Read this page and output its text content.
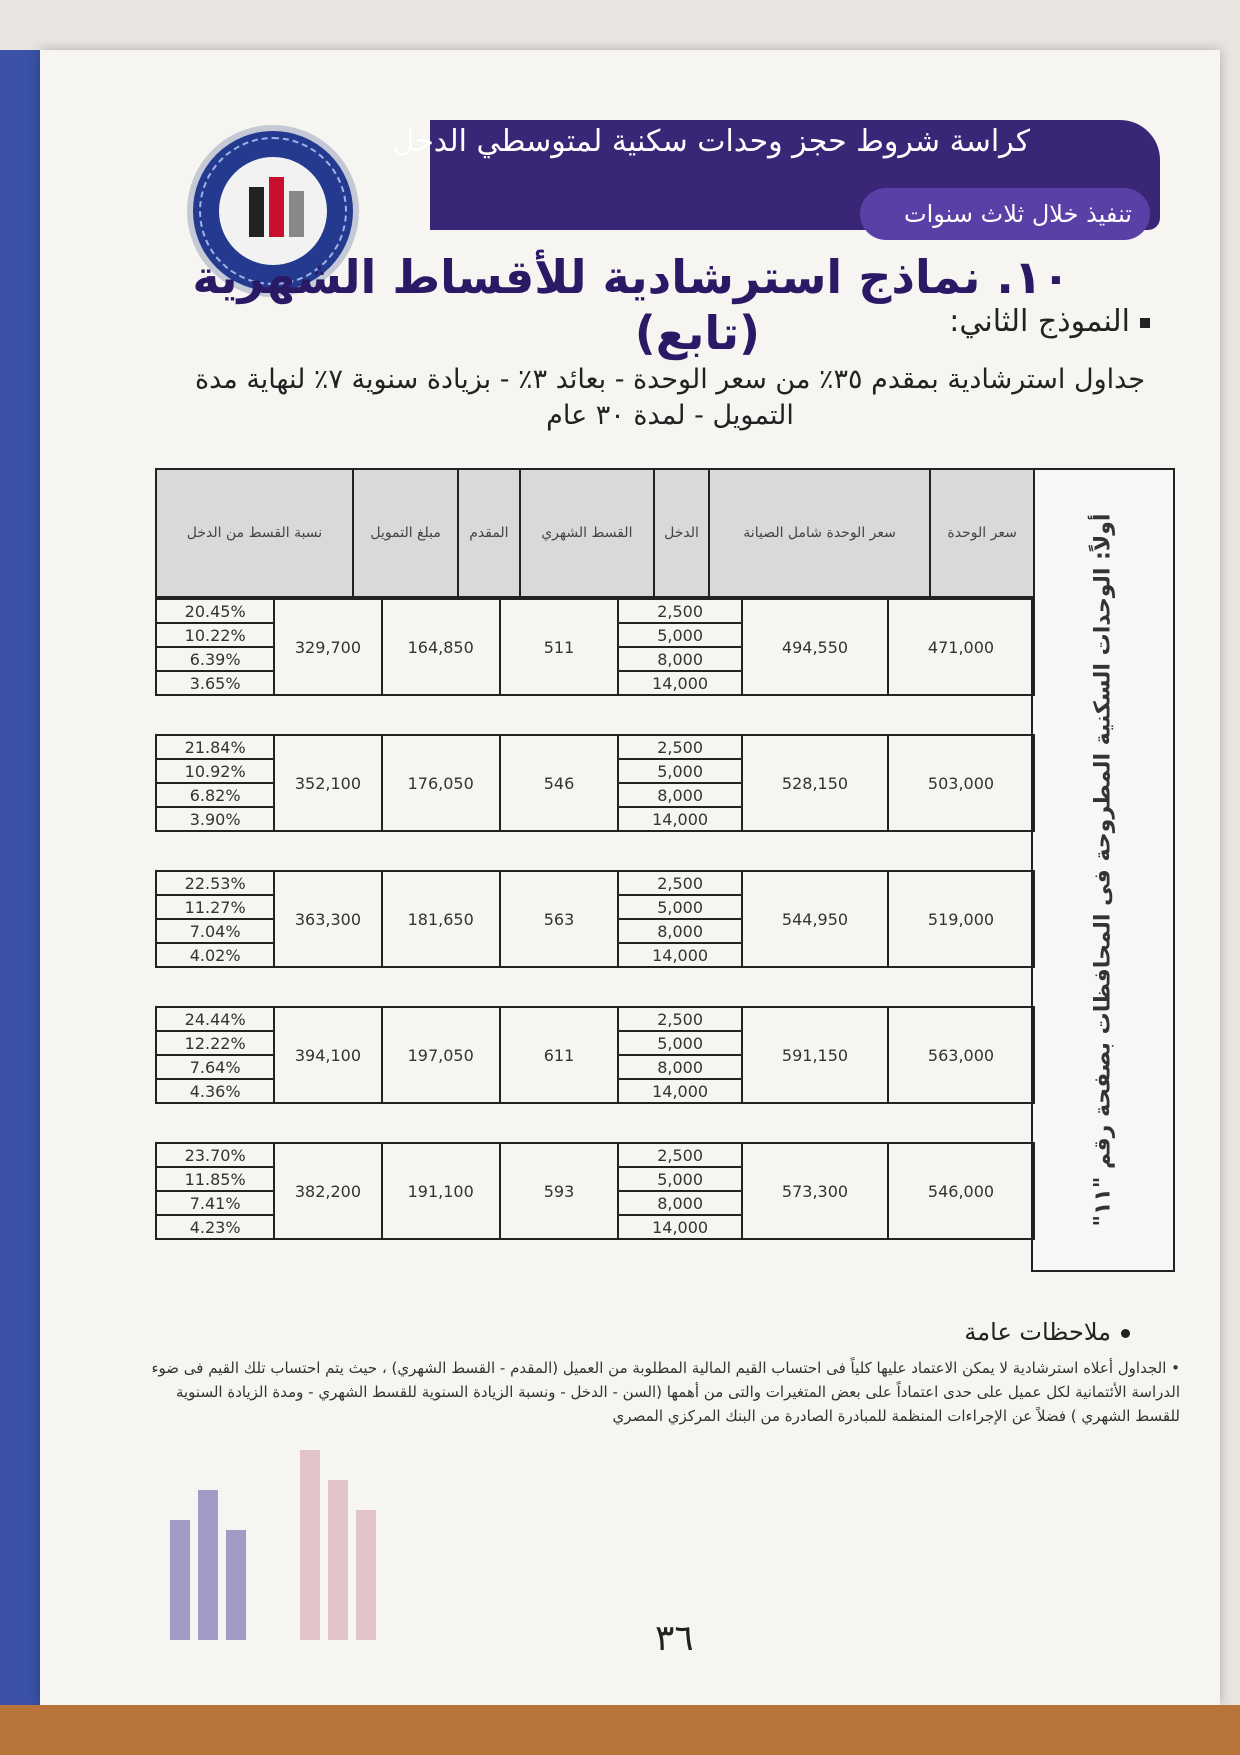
كراسة شروط حجز وحدات سكنية لمتوسطي الدخل
تنفيذ خلال ثلاث سنوات
١٠. نماذج استرشادية للأقساط الشهرية
(تابع)	النموذج الثاني:
جداول استرشادية بمقدم ٣٥٪ من سعر الوحدة - بعائد ٣٪ - بزيادة سنوية ٧٪ لنهاية مدة التمويل - لمدة ٣٠ عام
أولاً: الوحدات السكنية المطروحة فى المحافظات بصفحة رقم "١١"
نسبة القسط من الدخل	مبلغ التمويل	المقدم	القسط الشهري	الدخل	سعر الوحدة شامل الصيانة	سعر الوحدة
20.45%	329,700	164,850	511	2,500	494,550	471,000
10.22%				5,000		
6.39%				8,000		
3.65%				14,000		
21.84%	352,100	176,050	546	2,500	528,150	503,000
10.92%				5,000		
6.82%				8,000		
3.90%				14,000		
22.53%	363,300	181,650	563	2,500	544,950	519,000
11.27%				5,000		
7.04%				8,000		
4.02%				14,000		
24.44%	394,100	197,050	611	2,500	591,150	563,000
12.22%				5,000		
7.64%				8,000		
4.36%				14,000		
23.70%	382,200	191,100	593	2,500	573,300	546,000
11.85%				5,000		
7.41%				8,000		
4.23%				14,000		
ملاحظات عامة
• الجداول أعلاه استرشادية لا يمكن الاعتماد عليها كلياً فى احتساب القيم المالية المطلوبة من العميل (المقدم - القسط الشهري) ، حيث يتم احتساب تلك القيم فى ضوء الدراسة الأئتمانية لكل عميل على حدى اعتماداً على بعض المتغيرات والتى من أهمها (السن - الدخل - ونسبة الزيادة السنوية للقسط الشهري - ومدة الزيادة السنوية للقسط الشهري ) فضلاً عن الإجراءات المنظمة للمبادرة الصادرة من البنك المركزي المصري
٣٦
